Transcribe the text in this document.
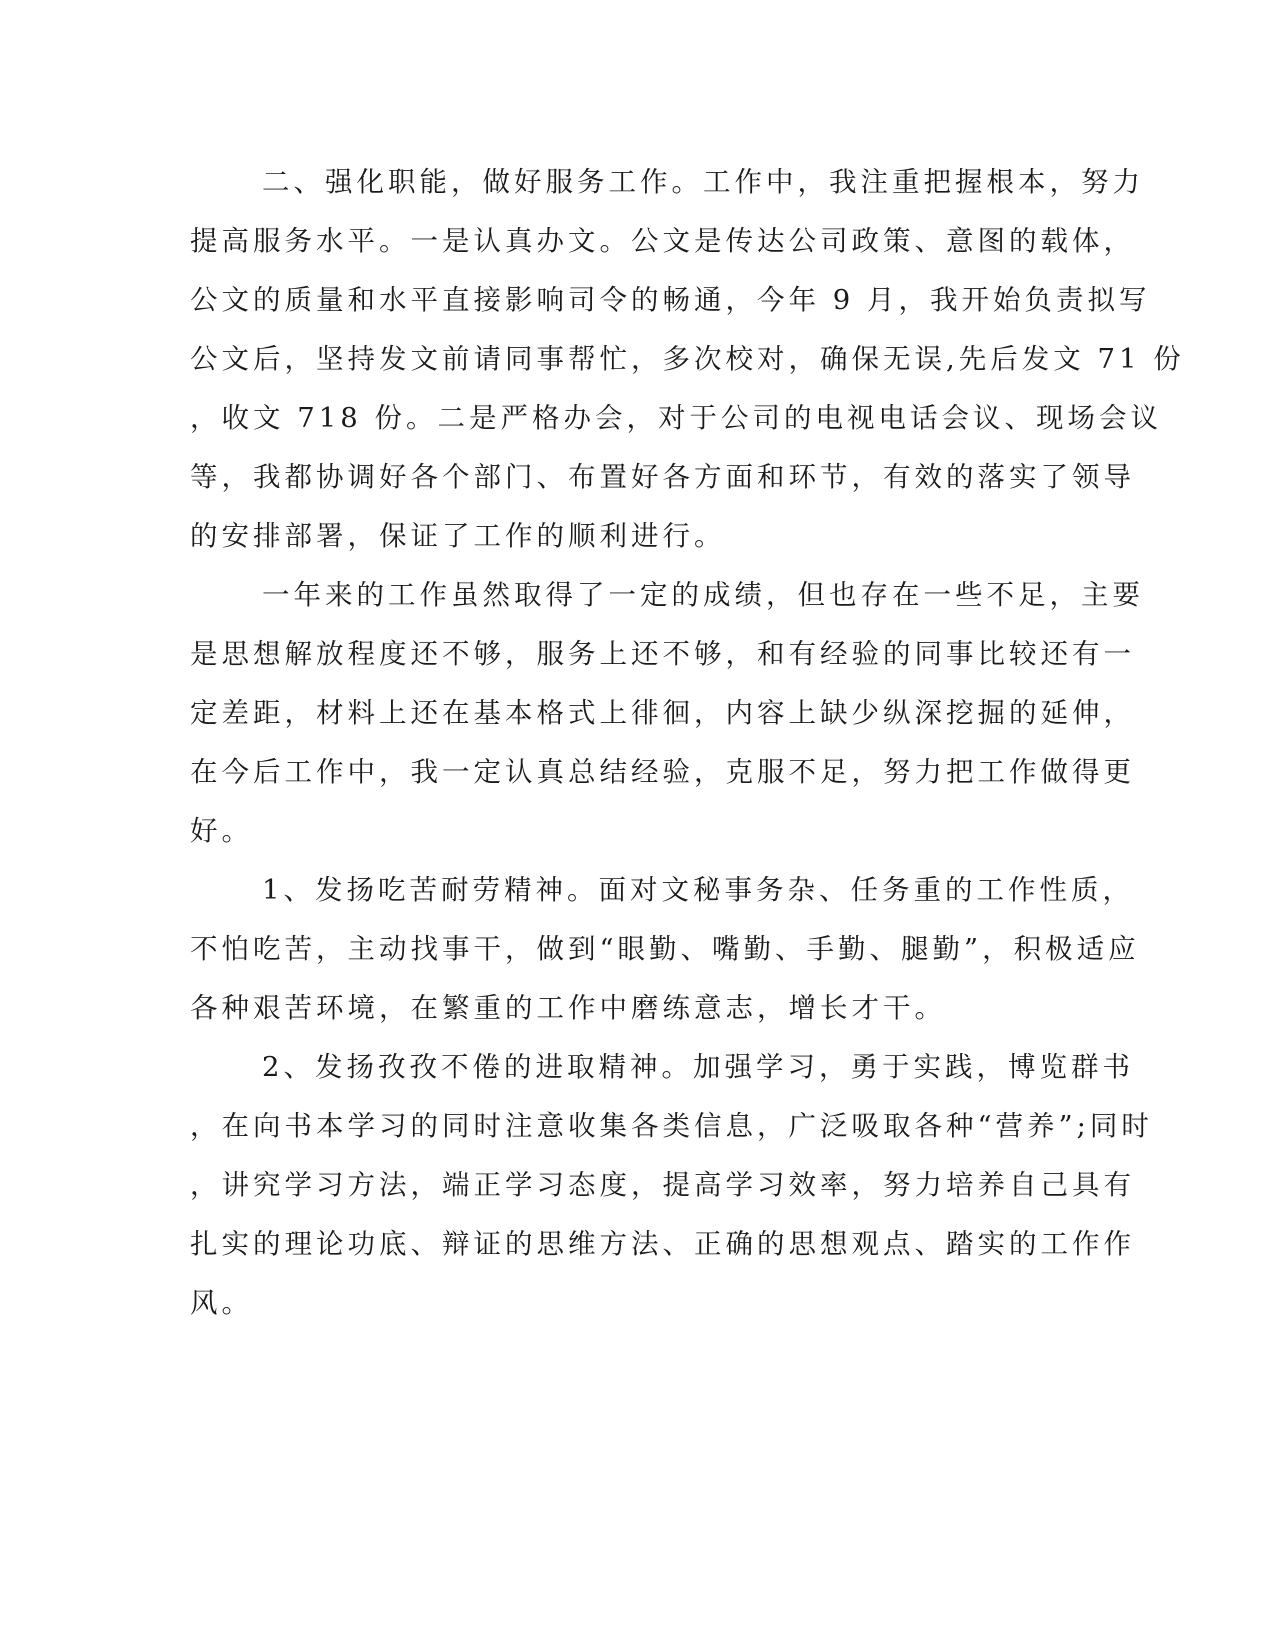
二、强化职能，做好服务工作。工作中，我注重把握根本，努力
提高服务水平。一是认真办文。公文是传达公司政策、意图的载体，
公文的质量和水平直接影响司令的畅通，今年 9 月，我开始负责拟写
公文后，坚持发文前请同事帮忙，多次校对，确保无误,先后发文 71 份
，收文 718 份。二是严格办会，对于公司的电视电话会议、现场会议
等，我都协调好各个部门、布置好各方面和环节，有效的落实了领导
的安排部署，保证了工作的顺利进行。
一年来的工作虽然取得了一定的成绩，但也存在一些不足，主要
是思想解放程度还不够，服务上还不够，和有经验的同事比较还有一
定差距，材料上还在基本格式上徘徊，内容上缺少纵深挖掘的延伸，
在今后工作中，我一定认真总结经验，克服不足，努力把工作做得更
好。
1、发扬吃苦耐劳精神。面对文秘事务杂、任务重的工作性质，
不怕吃苦，主动找事干，做到“眼勤、嘴勤、手勤、腿勤”，积极适应
各种艰苦环境，在繁重的工作中磨练意志，增长才干。
2、发扬孜孜不倦的进取精神。加强学习，勇于实践，博览群书
，在向书本学习的同时注意收集各类信息，广泛吸取各种“营养”;同时
，讲究学习方法，端正学习态度，提高学习效率，努力培养自己具有
扎实的理论功底、辩证的思维方法、正确的思想观点、踏实的工作作
风。
